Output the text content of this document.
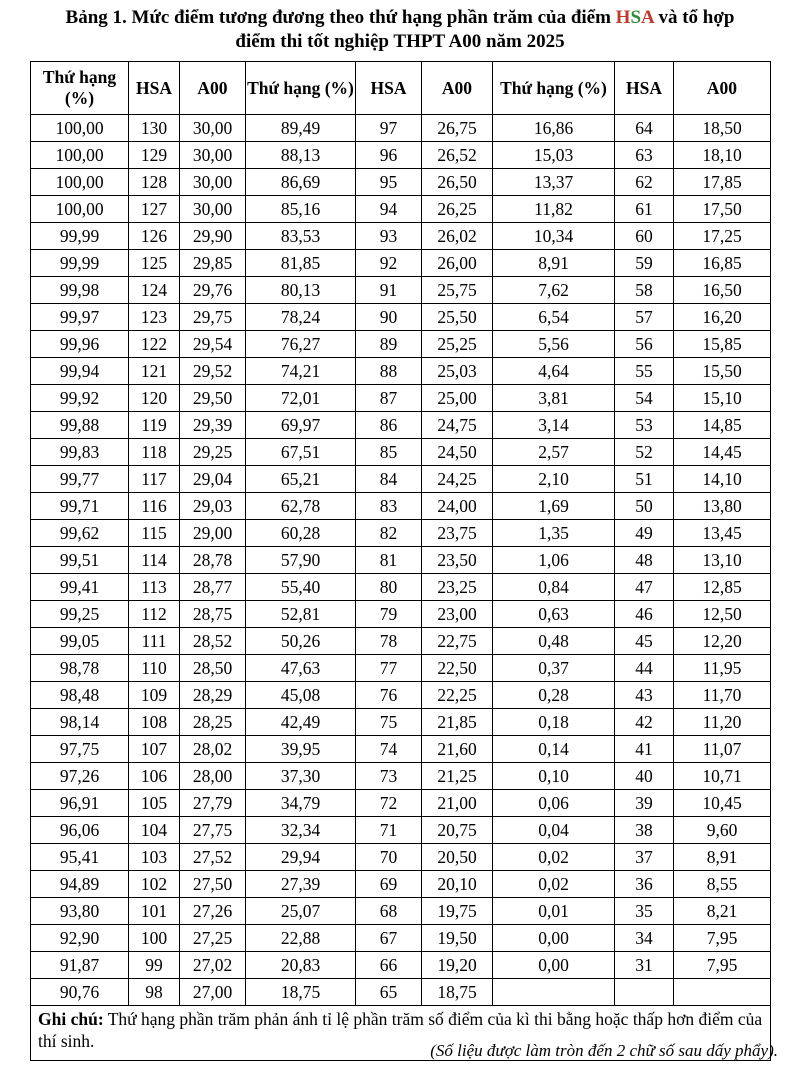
Bảng 1. Mức điểm tương đương theo thứ hạng phần trăm của điểm HSA và tổ hợp
điểm thi tốt nghiệp THPT A00 năm 2025
Thứ hạng (%)	HSA	A00	Thứ hạng (%)	HSA	A00	Thứ hạng (%)	HSA	A00
100,00	130	30,00	89,49	97	26,75	16,86	64	18,50
100,00	129	30,00	88,13	96	26,52	15,03	63	18,10
100,00	128	30,00	86,69	95	26,50	13,37	62	17,85
100,00	127	30,00	85,16	94	26,25	11,82	61	17,50
99,99	126	29,90	83,53	93	26,02	10,34	60	17,25
99,99	125	29,85	81,85	92	26,00	8,91	59	16,85
99,98	124	29,76	80,13	91	25,75	7,62	58	16,50
99,97	123	29,75	78,24	90	25,50	6,54	57	16,20
99,96	122	29,54	76,27	89	25,25	5,56	56	15,85
99,94	121	29,52	74,21	88	25,03	4,64	55	15,50
99,92	120	29,50	72,01	87	25,00	3,81	54	15,10
99,88	119	29,39	69,97	86	24,75	3,14	53	14,85
99,83	118	29,25	67,51	85	24,50	2,57	52	14,45
99,77	117	29,04	65,21	84	24,25	2,10	51	14,10
99,71	116	29,03	62,78	83	24,00	1,69	50	13,80
99,62	115	29,00	60,28	82	23,75	1,35	49	13,45
99,51	114	28,78	57,90	81	23,50	1,06	48	13,10
99,41	113	28,77	55,40	80	23,25	0,84	47	12,85
99,25	112	28,75	52,81	79	23,00	0,63	46	12,50
99,05	111	28,52	50,26	78	22,75	0,48	45	12,20
98,78	110	28,50	47,63	77	22,50	0,37	44	11,95
98,48	109	28,29	45,08	76	22,25	0,28	43	11,70
98,14	108	28,25	42,49	75	21,85	0,18	42	11,20
97,75	107	28,02	39,95	74	21,60	0,14	41	11,07
97,26	106	28,00	37,30	73	21,25	0,10	40	10,71
96,91	105	27,79	34,79	72	21,00	0,06	39	10,45
96,06	104	27,75	32,34	71	20,75	0,04	38	9,60
95,41	103	27,52	29,94	70	20,50	0,02	37	8,91
94,89	102	27,50	27,39	69	20,10	0,02	36	8,55
93,80	101	27,26	25,07	68	19,75	0,01	35	8,21
92,90	100	27,25	22,88	67	19,50	0,00	34	7,95
91,87	99	27,02	20,83	66	19,20	0,00	31	7,95
90,76	98	27,00	18,75	65	18,75			
Ghi chú: Thứ hạng phần trăm phản ánh tỉ lệ phần trăm số điểm của kì thi bằng hoặc thấp hơn điểm của thí sinh.									(Số liệu được làm tròn đến 2 chữ số sau dấy phẩy).
